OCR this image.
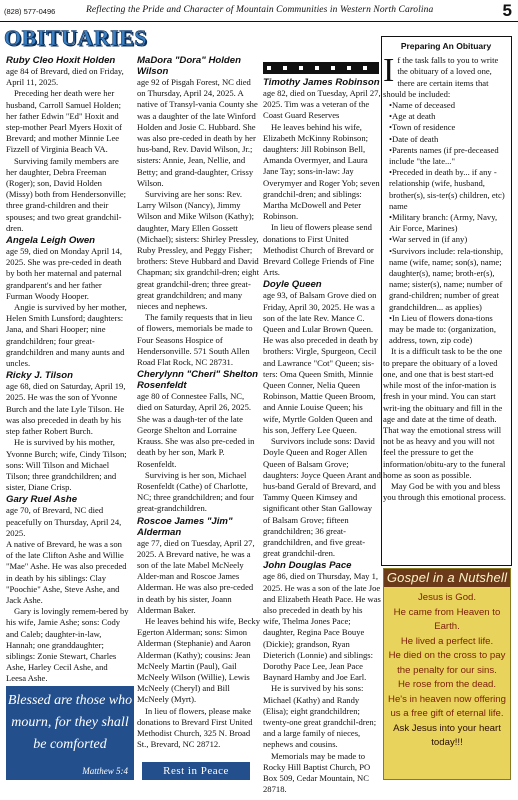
(828) 577-0496	Reflecting the Pride and Character of Mountain Communities in Western North Carolina	5
OBITUARIES
Ruby Cleo Hoxit Holden

age 84 of Brevard, died on Friday, April 11, 2025.

Preceding her death were her husband, Carroll Samuel Holden; her father Edwin "Ed" Hoxit and step-mother Pearl Myers Hoxit of Brevard; and mother Minnie Lee Fizzell of Virginia Beach VA.

Surviving family members are her daughter, Debra Freeman (Roger); son, David Holden (Missy) both from Hendersonville; three grand-children and their spouses; and two great grandchil-dren.

Angela Leigh Owen

age 59, died on Monday April 14, 2025. She was pre-ceded in death by both her maternal and paternal grandparent's and her father Furman Woody Hooper.

Angie is survived by her mother, Helen Smith Lunsford; daughters: Jana, and Shari Hooper; nine grandchildren; four great-grandchildren and many aunts and uncles.

Ricky J. Tilson

age 68, died on Saturday, April 19, 2025. He was the son of Yvonne Burch and the late Lyle Tilson. He was also preceded in death by his step father Robert Burch.

He is survived by his mother, Yvonne Burch; wife, Cindy Tilson; sons: Will Tilson and Michael Tilson; three grandchildren; and sister, Diane Crisp.

Gary Ruel Ashe

age 70, of Brevard, NC died peacefully on Thursday, April 24, 2025.

A native of Brevard, he was a son of the late Clifton Ashe and Willie "Mae" Ashe. He was also preceded in death by his siblings: Clay "Poochie" Ashe, Steve Ashe, and Jack Ashe.

Gary is lovingly remem-bered by his wife, Jamie Ashe; sons: Cody and Caleb; daughter-in-law, Hannah; one granddaughter; siblings: Zonie Stewart, Charles Ashe, Harley Cecil Ashe, and Leesa Ashe.

Blessed are those who mourn, for they shall be comforted
Matthew 5:4
MaDora "Dora" Holden Wilson

age 92 of Pisgah Forest, NC died on Thursday, April 24, 2025. A native of Transyl-vania County she was a daughter of the late Winford Holden and Josie C. Hubbard. She was also pre-ceded in death by her hus-band, Rev. David Wilson, Jr.; sisters: Annie, Jean, Nellie, and Betty; and grand-daughter, Crissy Wilson.

Surviving are her sons: Rev. Larry Wilson (Nancy), Jimmy Wilson and Mike Wilson (Kathy); daughter, Mary Ellen Gossett (Michael); sisters: Shirley Pressley, Ruby Pressley, and Peggy Fisher; brothers: Steve Hubbard and David Chapman; six grandchil-dren; eight great grandchil-dren; three great-great grandchildren; and many nieces and nephews.

The family requests that in lieu of flowers, memorials be made to Four Seasons Hospice of Hendersonville. 571 South Allen Road Flat Rock, NC 28731.

Cherylynn "Cheri" Shelton Rosenfeldt

age 80 of Connestee Falls, NC, died on Saturday, April 26, 2025. She was a daugh-ter of the late George Shelton and Lorraine Krauss. She was also pre-ceded in death by her son, Mark P. Rosenfeldt.

Surviving is her son, Michael Rosenfeldt (Cathe) of Charlotte, NC; three grandchildren; and four great-grandchildren.

Roscoe James "Jim" Alderman

age 77, died on Tuesday, April 27, 2025. A Brevard native, he was a son of the late Mabel McNeely Alder-man and Roscoe James Alderman. He was also pre-ceded in death by his sister, Joann Alderman Baker.

He leaves behind his wife, Becky Egerton Alderman; sons: Simon Alderman (Stephanie) and Aaron Alderman (Kathy); cousins: Jean McNeely Martin (Paul), Gail McNeely Wilson (Willie), Lewis McNeely (Cheryl) and Bill McNeely (Myrt).

In lieu of flowers, please make donations to Brevard First United Methodist Church, 325 N. Broad St., Brevard, NC 28712.

Rest in Peace
Timothy James Robinson

age 82, died on Tuesday, April 27, 2025. Tim was a veteran of the Coast Guard Reserves

He leaves behind his wife, Elizabeth McKinny Robinson; daughters: Jill Robinson Bell, Amanda Overmyer, and Laura Jane Tay; sons-in-law: Jay Overymyer and Roger Yob; seven grandchil-dren; and siblings: Martha McDowell and Peter Robinson.

In lieu of flowers please send donations to First United Methodist Church of Brevard or Brevard College Friends of Fine Arts.

Doyle Queen

age 93, of Balsam Grove died on Friday, April 30, 2025. He was a son of the late Rev. Mance C. Queen and Lular Brown Queen. He was also preceded in death by brothers: Virgle, Spurgeon, Cecil and Lawrance "Cot" Queen; sis-ters: Oma Queen Smith, Minnie Queen Conner, Nelia Queen Robinson, Mattie Queen Broom, and Annie Louise Queen; his wife, Myrtle Golden Queen and his son, Jeffery Lee Queen.

Survivors include sons: David Doyle Queen and Roger Allen Queen of Balsam Grove; daughters: Joyce Queen Arant and hus-band Gerald of Brevard, and Tammy Queen Kimsey and significant other Stan Galloway of Balsam Grove; fifteen grandchildren; 36 great-grandchildren, and five great-great grandchil-dren.

John Douglas Pace

age 86, died on Thursday, May 1, 2025. He was a son of the late Joe and Elizabeth Heath Pace. He was also preceded in death by his wife, Thelma Jones Pace; daughter, Regina Pace Bouye (Dickie); grandson, Ryan Dieterich (Lonnie) and siblings: Dorothy Pace Lee, Jean Pace Baynard Hamby and Joe Earl.

He is survived by his sons: Michael (Kathy) and Randy (Elisa); eight grandchildren; twenty-one great grandchil-dren; and a large family of nieces, nephews and cousins.

Memorials may be made to Rocky Hill Baptist Church, PO Box 509, Cedar Mountain, NC 28718.

Preparing An Obituary

If the task falls to you to write the obituary of a loved one, there are certain items that should be included:

• Name of deceased
• Age at death
• Town of residence
• Date of death
• Parents names (if pre-deceased include "the late..."
• Preceded in death by... if any - relationship (wife, husband, brother(s), sis-ter(s) children, etc) name
• Military branch: (Army, Navy, Air Force, Marines)
• War served in (if any)
• Survivors include: rela-tionship, name (wife, name; son(s), name; daughter(s), name; broth-er(s), name; sister(s), name; number of grand-children; number of great grandchildren... as applies)
• In Lieu of flowers dona-tions may be made to: (organization, address, town, zip code)

It is a difficult task to be the one to prepare the obituary of a loved one, and one that is best start-ed while most of the infor-mation is fresh in your mind. You can start writ-ing the obituary and fill in the age and date at the time of death. That way the emotional stress will not be as heavy and you will not feel the pressure to get the information/obitu-ary to the funeral home as soon as possible.

May God be with you and bless you through this emotional process.

Gospel in a Nutshell
Jesus is God.
He came from Heaven to Earth.
He lived a perfect life.
He died on the cross to pay the penalty for our sins.
He rose from the dead.
He's in heaven now offering us a free gift of eternal life.
Ask Jesus into your heart today!!!
